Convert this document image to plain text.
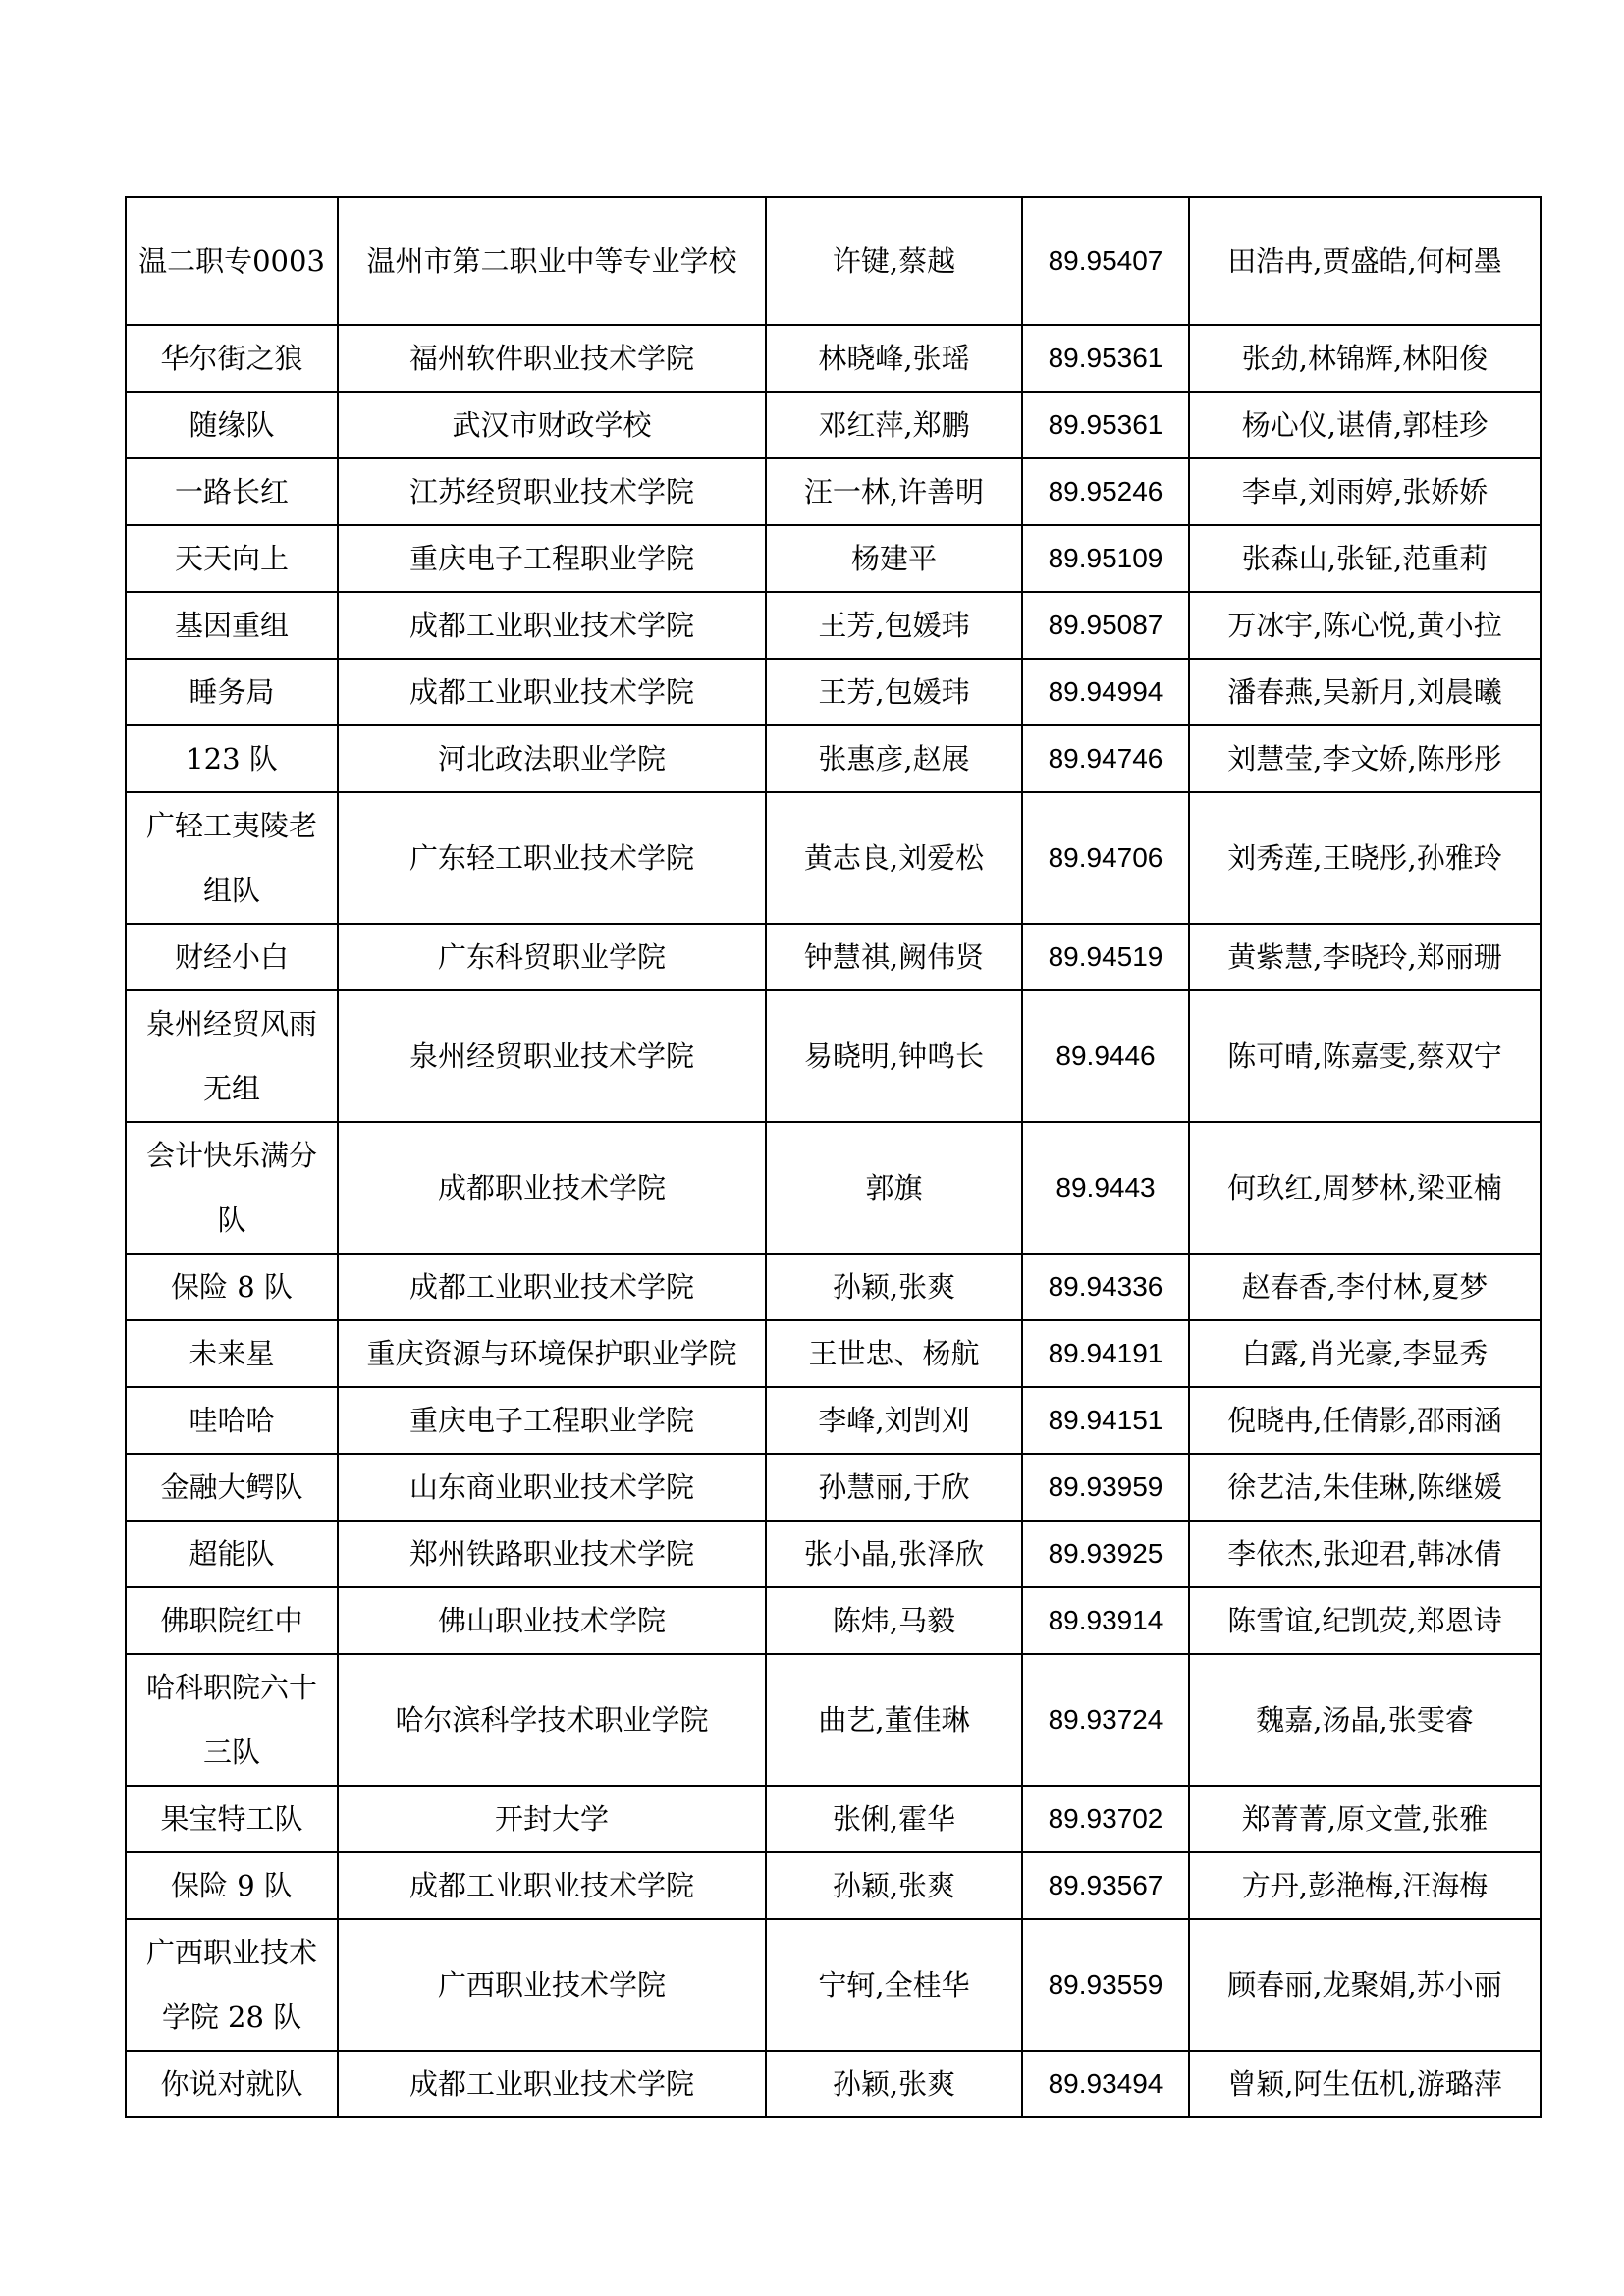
温二职专0003	温州市第二职业中等专业学校	许键,蔡越	89.95407	田浩冉,贾盛皓,何柯墨
华尔街之狼	福州软件职业技术学院	林晓峰,张瑶	89.95361	张劲,林锦辉,林阳俊
随缘队	武汉市财政学校	邓红萍,郑鹏	89.95361	杨心仪,谌倩,郭桂珍
一路长红	江苏经贸职业技术学院	汪一林,许善明	89.95246	李卓,刘雨婷,张娇娇
天天向上	重庆电子工程职业学院	杨建平	89.95109	张森山,张钲,范重莉
基因重组	成都工业职业技术学院	王芳,包媛玮	89.95087	万冰宇,陈心悦,黄小拉
睡务局	成都工业职业技术学院	王芳,包媛玮	89.94994	潘春燕,吴新月,刘晨曦
123 队	河北政法职业学院	张惠彦,赵展	89.94746	刘慧莹,李文娇,陈彤彤
广轻工夷陵老组队	广东轻工职业技术学院	黄志良,刘爱松	89.94706	刘秀莲,王晓彤,孙雅玲
财经小白	广东科贸职业学院	钟慧祺,阙伟贤	89.94519	黄紫慧,李晓玲,郑丽珊
泉州经贸风雨无组	泉州经贸职业技术学院	易晓明,钟鸣长	89.9446	陈可晴,陈嘉雯,蔡双宁
会计快乐满分队	成都职业技术学院	郭旗	89.9443	何玖红,周梦林,梁亚楠
保险 8 队	成都工业职业技术学院	孙颖,张爽	89.94336	赵春香,李付林,夏梦
未来星	重庆资源与环境保护职业学院	王世忠、杨航	89.94191	白露,肖光豪,李显秀
哇哈哈	重庆电子工程职业学院	李峰,刘剀刈	89.94151	倪晓冉,任倩影,邵雨涵
金融大鳄队	山东商业职业技术学院	孙慧丽,于欣	89.93959	徐艺洁,朱佳琳,陈继媛
超能队	郑州铁路职业技术学院	张小晶,张泽欣	89.93925	李依杰,张迎君,韩冰倩
佛职院红中	佛山职业技术学院	陈炜,马毅	89.93914	陈雪谊,纪凯荧,郑恩诗
哈科职院六十三队	哈尔滨科学技术职业学院	曲艺,董佳琳	89.93724	魏嘉,汤晶,张雯睿
果宝特工队	开封大学	张俐,霍华	89.93702	郑菁菁,原文萱,张雅
保险 9 队	成都工业职业技术学院	孙颖,张爽	89.93567	方丹,彭滟梅,汪海梅
广西职业技术学院 28 队	广西职业技术学院	宁轲,全桂华	89.93559	顾春丽,龙聚娟,苏小丽
你说对就队	成都工业职业技术学院	孙颖,张爽	89.93494	曾颖,阿生伍机,游璐萍
